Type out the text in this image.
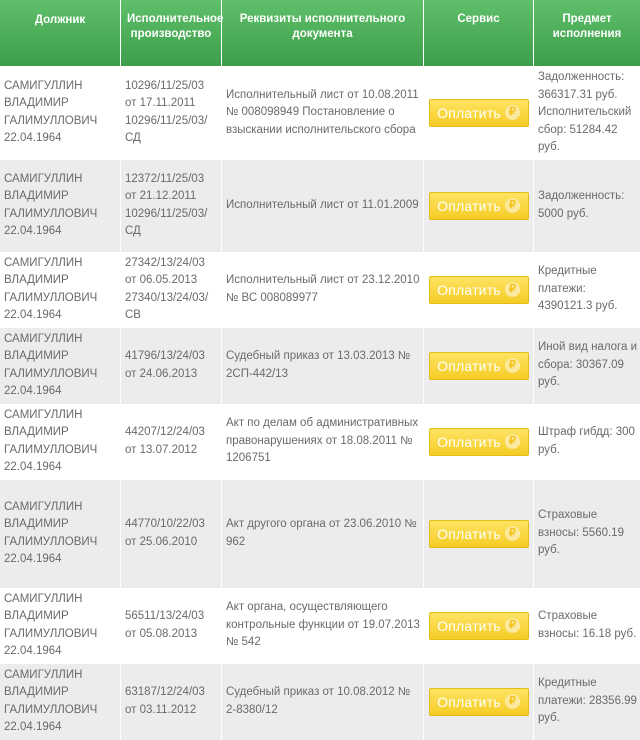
Должник	Исполнительное производство	Реквизиты исполнительного документа	Сервис	Предмет исполнения
САМИГУЛЛИН ВЛАДИМИР ГАЛИМУЛЛОВИЧ 22.04.1964	10296/11/25/03 от 17.11.2011 10296/11/25/03/СД	Исполнительный лист от 10.08.2011 № 008098949 Постановление о взыскании исполнительского сбора	Оплатить ₽	Задолженность: 366317.31 руб. Исполнительский сбор: 51284.42 руб.
САМИГУЛЛИН ВЛАДИМИР ГАЛИМУЛЛОВИЧ 22.04.1964	12372/11/25/03 от 21.12.2011 10296/11/25/03/СД	Исполнительный лист от 11.01.2009	Оплатить ₽	Задолженность: 5000 руб.
САМИГУЛЛИН ВЛАДИМИР ГАЛИМУЛЛОВИЧ 22.04.1964	27342/13/24/03 от 06.05.2013 27340/13/24/03/СВ	Исполнительный лист от 23.12.2010 № ВС 008089977	Оплатить ₽	Кредитные платежи: 4390121.3 руб.
САМИГУЛЛИН ВЛАДИМИР ГАЛИМУЛЛОВИЧ 22.04.1964	41796/13/24/03 от 24.06.2013	Судебный приказ от 13.03.2013 № 2СП-442/13	Оплатить ₽	Иной вид налога и сбора: 30367.09 руб.
САМИГУЛЛИН ВЛАДИМИР ГАЛИМУЛЛОВИЧ 22.04.1964	44207/12/24/03 от 13.07.2012	Акт по делам об административных правонарушениях от 18.08.2011 № 1206751	Оплатить ₽	Штраф гибдд: 300 руб.
САМИГУЛЛИН ВЛАДИМИР ГАЛИМУЛЛОВИЧ 22.04.1964	44770/10/22/03 от 25.06.2010	Акт другого органа от 23.06.2010 № 962	Оплатить ₽	Страховые взносы: 5560.19 руб.
САМИГУЛЛИН ВЛАДИМИР ГАЛИМУЛЛОВИЧ 22.04.1964	56511/13/24/03 от 05.08.2013	Акт органа, осуществляющего контрольные функции от 19.07.2013 № 542	Оплатить ₽	Страховые взносы: 16.18 руб.
САМИГУЛЛИН ВЛАДИМИР ГАЛИМУЛЛОВИЧ 22.04.1964	63187/12/24/03 от 03.11.2012	Судебный приказ от 10.08.2012 № 2-8380/12	Оплатить ₽	Кредитные платежи: 28356.99 руб.
